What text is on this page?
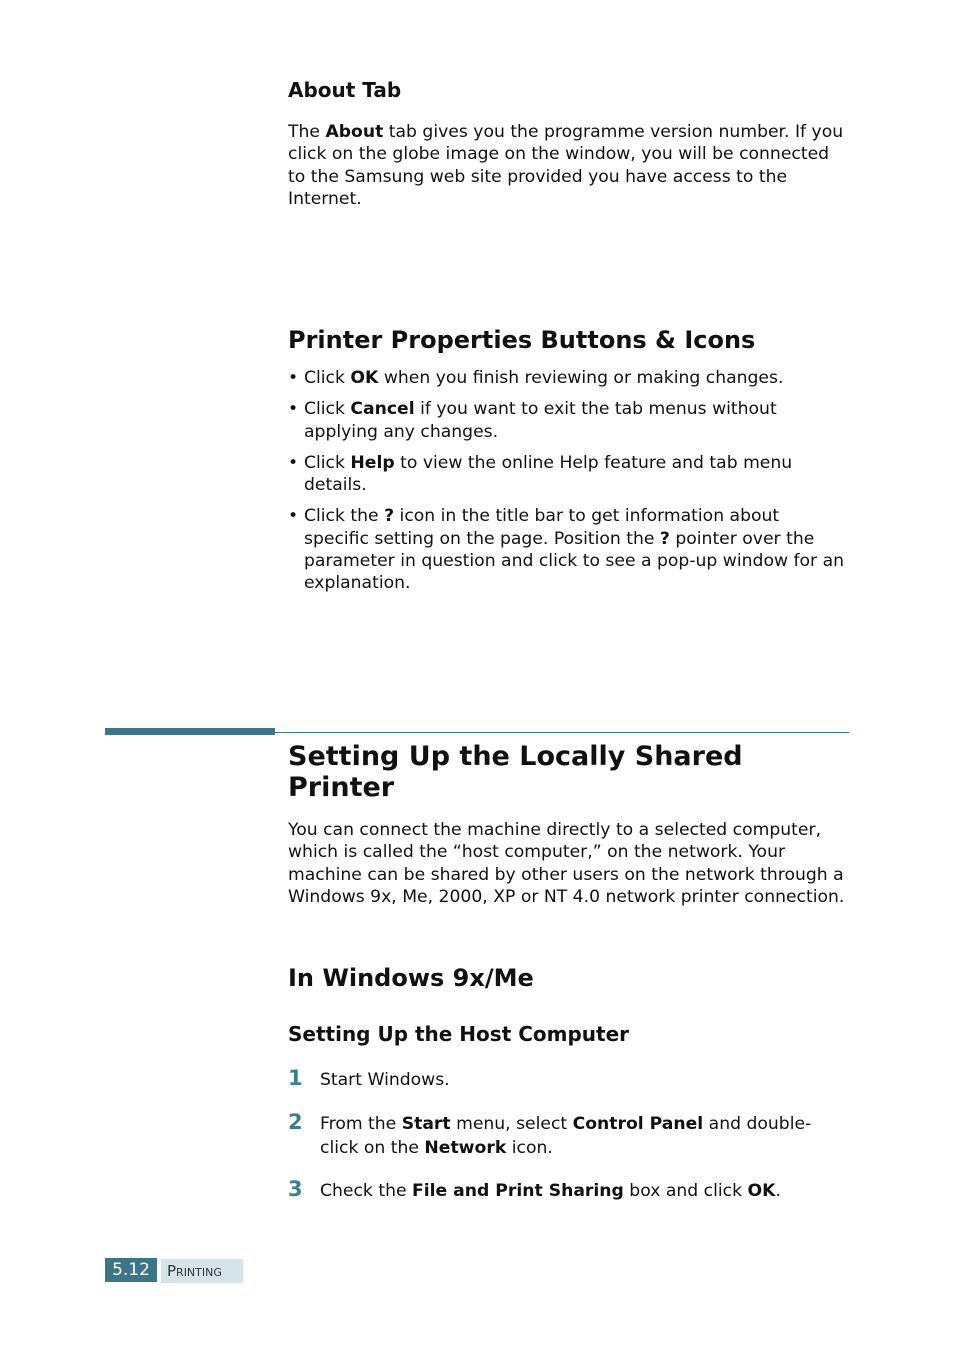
About Tab

The About tab gives you the programme version number. If you click on the globe image on the window, you will be connected to the Samsung web site provided you have access to the Internet.

Printer Properties Buttons & Icons
• Click OK when you finish reviewing or making changes.
• Click Cancel if you want to exit the tab menus without applying any changes.
• Click Help to view the online Help feature and tab menu details.
• Click the ? icon in the title bar to get information about specific setting on the page. Position the ? pointer over the parameter in question and click to see a pop-up window for an explanation.
Setting Up the Locally Shared Printer

You can connect the machine directly to a selected computer, which is called the “host computer,” on the network. Your machine can be shared by other users on the network through a Windows 9x, Me, 2000, XP or NT 4.0 network printer connection.

In Windows 9x/Me
Setting Up the Host Computer
1	Start Windows.
2	From the Start menu, select Control Panel and double-click on the Network icon.
3	Check the File and Print Sharing box and click OK.
5.12	Printing
